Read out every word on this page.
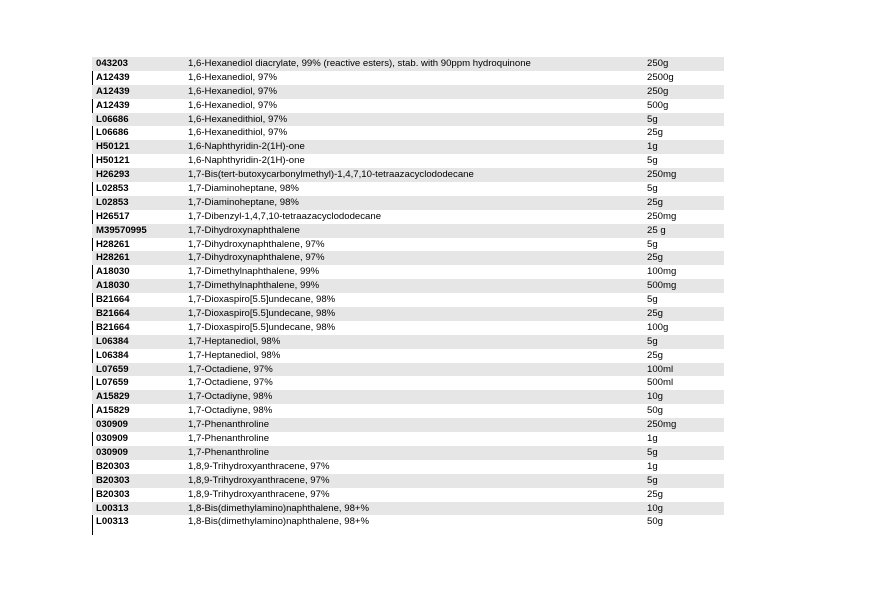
043203	1,6-Hexanediol diacrylate, 99% (reactive esters), stab. with 90ppm hydroquinone	250g
A12439	1,6-Hexanediol, 97%	2500g
A12439	1,6-Hexanediol, 97%	250g
A12439	1,6-Hexanediol, 97%	500g
L06686	1,6-Hexanedithiol, 97%	5g
L06686	1,6-Hexanedithiol, 97%	25g
H50121	1,6-Naphthyridin-2(1H)-one	1g
H50121	1,6-Naphthyridin-2(1H)-one	5g
H26293	1,7-Bis(tert-butoxycarbonylmethyl)-1,4,7,10-tetraazacyclododecane	250mg
L02853	1,7-Diaminoheptane, 98%	5g
L02853	1,7-Diaminoheptane, 98%	25g
H26517	1,7-Dibenzyl-1,4,7,10-tetraazacyclododecane	250mg
M39570995	1,7-Dihydroxynaphthalene	25 g
H28261	1,7-Dihydroxynaphthalene, 97%	5g
H28261	1,7-Dihydroxynaphthalene, 97%	25g
A18030	1,7-Dimethylnaphthalene, 99%	100mg
A18030	1,7-Dimethylnaphthalene, 99%	500mg
B21664	1,7-Dioxaspiro[5.5]undecane, 98%	5g
B21664	1,7-Dioxaspiro[5.5]undecane, 98%	25g
B21664	1,7-Dioxaspiro[5.5]undecane, 98%	100g
L06384	1,7-Heptanediol, 98%	5g
L06384	1,7-Heptanediol, 98%	25g
L07659	1,7-Octadiene, 97%	100ml
L07659	1,7-Octadiene, 97%	500ml
A15829	1,7-Octadiyne, 98%	10g
A15829	1,7-Octadiyne, 98%	50g
030909	1,7-Phenanthroline	250mg
030909	1,7-Phenanthroline	1g
030909	1,7-Phenanthroline	5g
B20303	1,8,9-Trihydroxyanthracene, 97%	1g
B20303	1,8,9-Trihydroxyanthracene, 97%	5g
B20303	1,8,9-Trihydroxyanthracene, 97%	25g
L00313	1,8-Bis(dimethylamino)naphthalene, 98+%	10g
L00313	1,8-Bis(dimethylamino)naphthalene, 98+%	50g
